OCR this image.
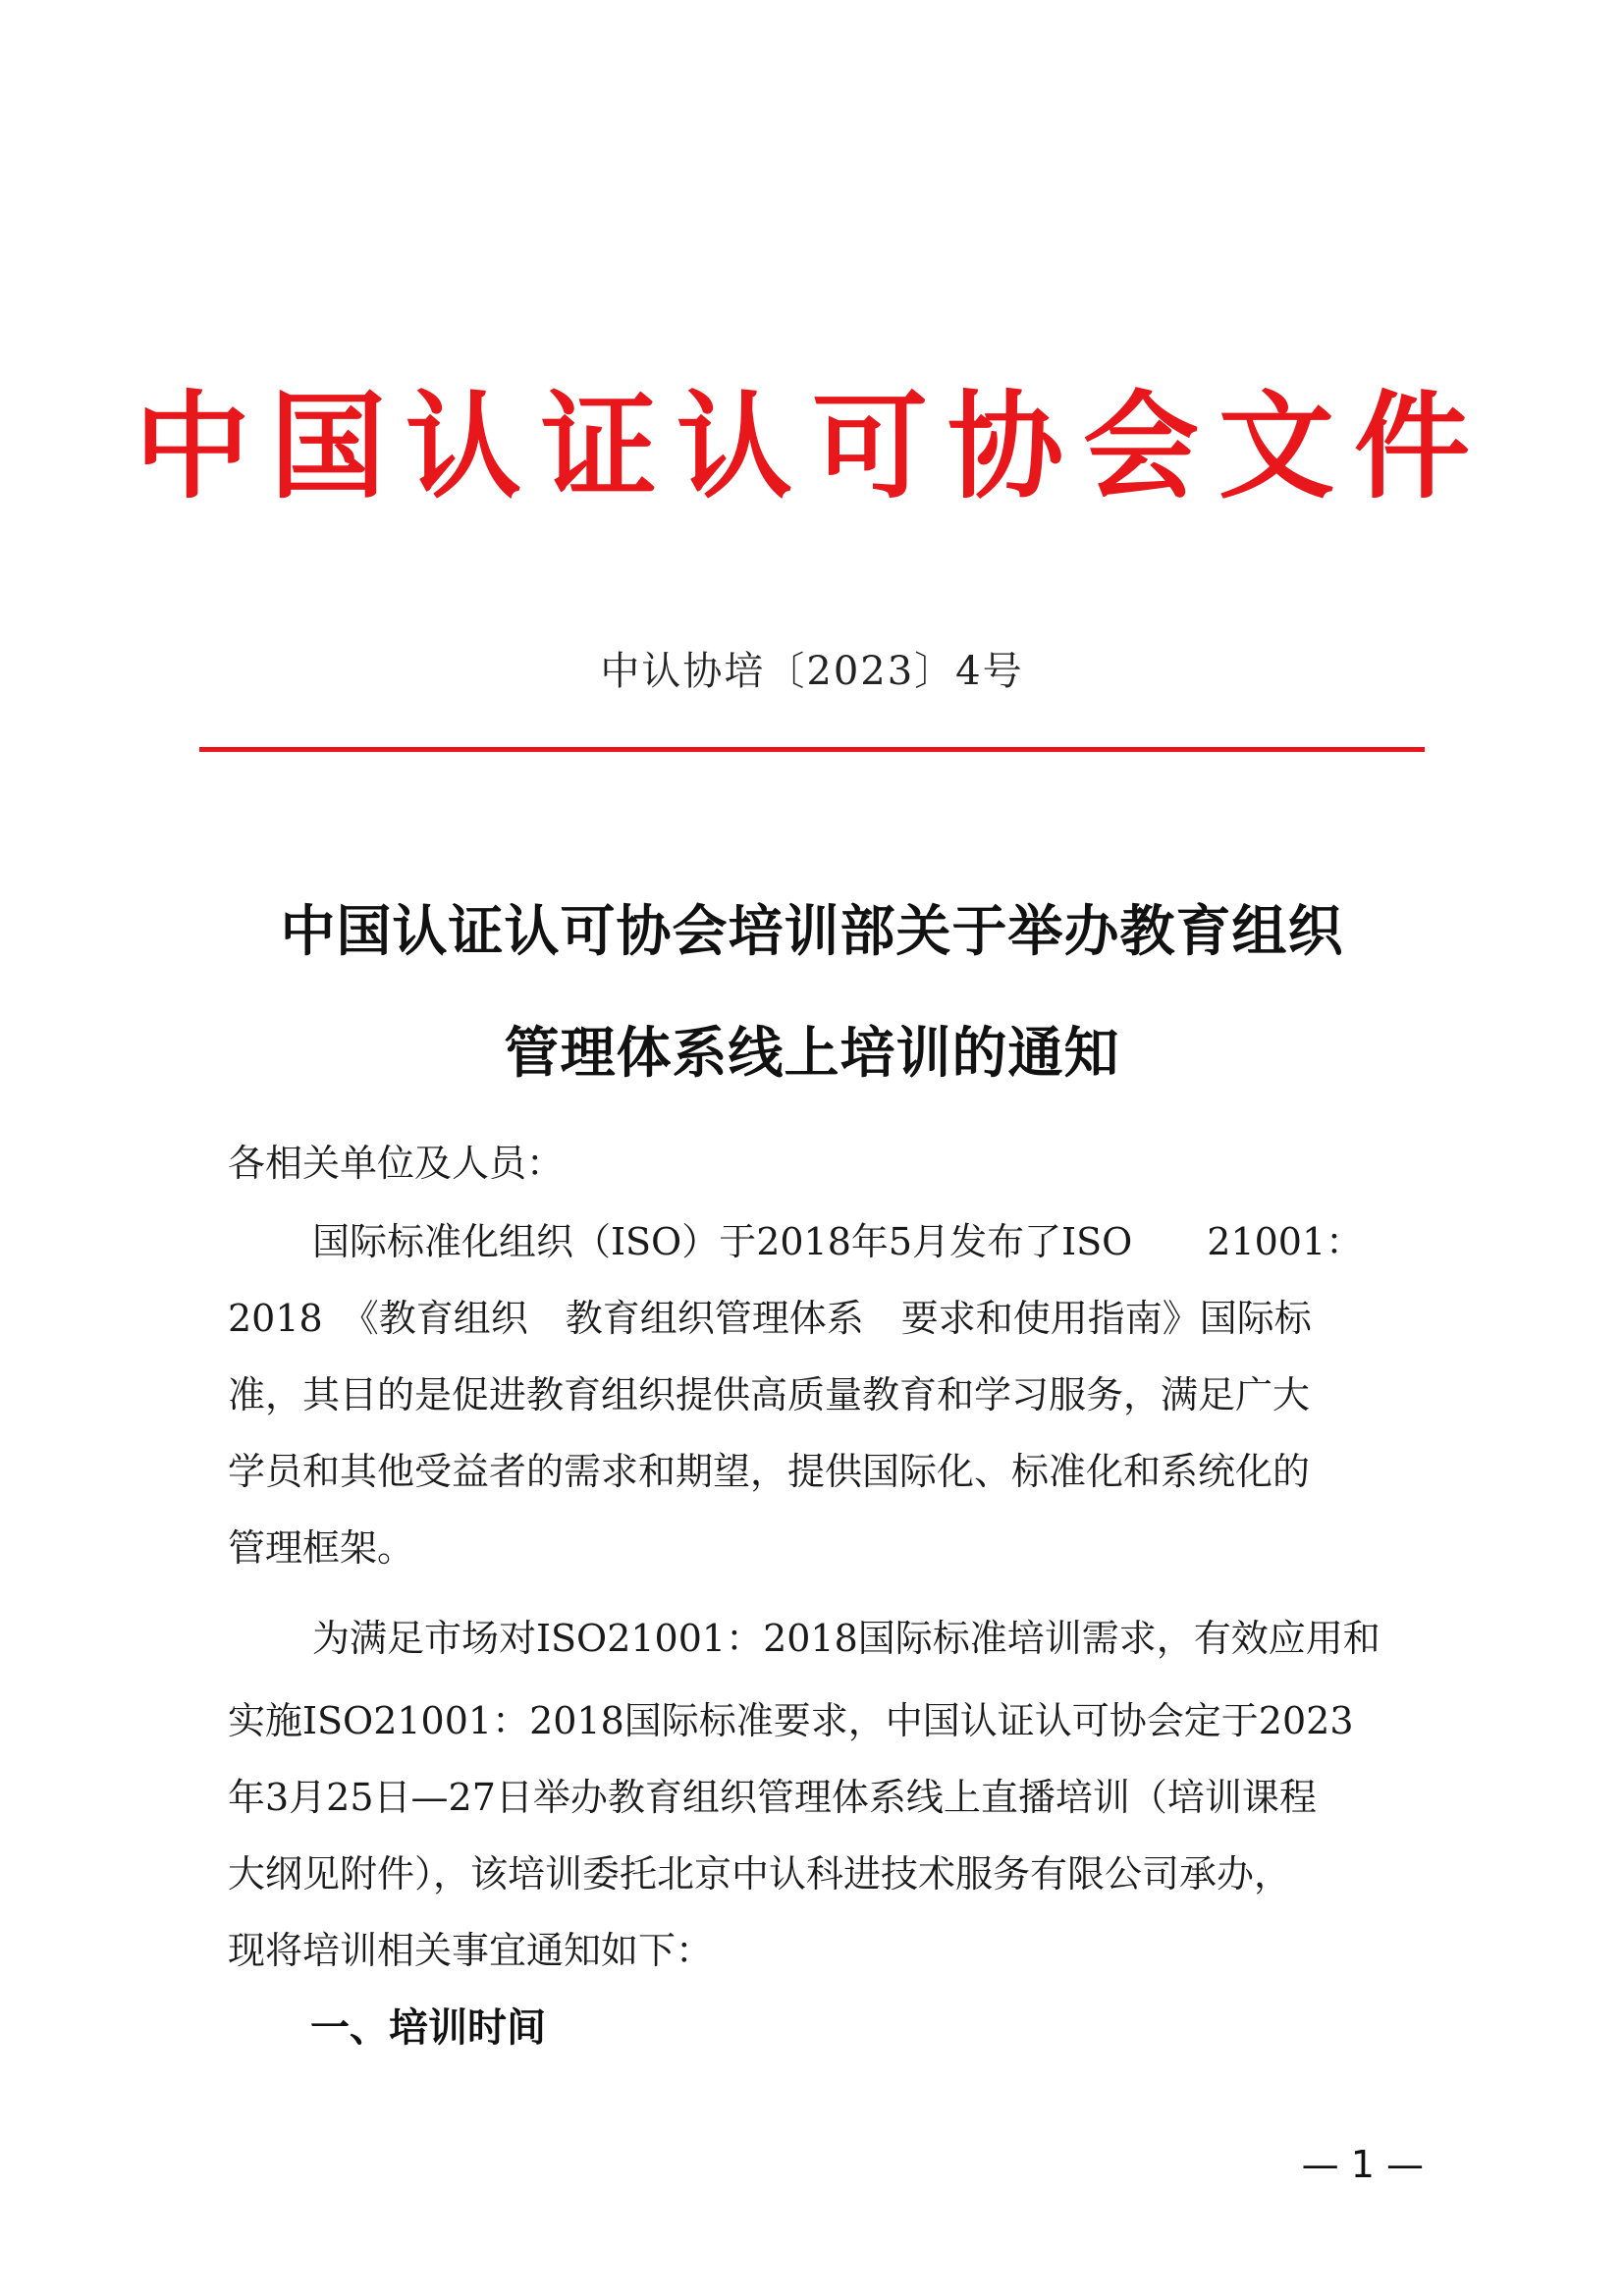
中国认证认可协会文件
中认协培〔2023〕4号
中国认证认可协会培训部关于举办教育组织
管理体系线上培训的通知
各相关单位及人员：
国际标准化组织（ISO）于2018年5月发布了ISO　　21001：
2018　《教育组织　教育组织管理体系　要求和使用指南》国际标
准，其目的是促进教育组织提供高质量教育和学习服务，满足广大
学员和其他受益者的需求和期望，提供国际化、标准化和系统化的
管理框架。
为满足市场对ISO21001：2018国际标准培训需求，有效应用和
实施ISO21001：2018国际标准要求，中国认证认可协会定于2023
年3月25日—27日举办教育组织管理体系线上直播培训（培训课程
大纲见附件），该培训委托北京中认科进技术服务有限公司承办，
现将培训相关事宜通知如下：
一、培训时间
— 1 —
